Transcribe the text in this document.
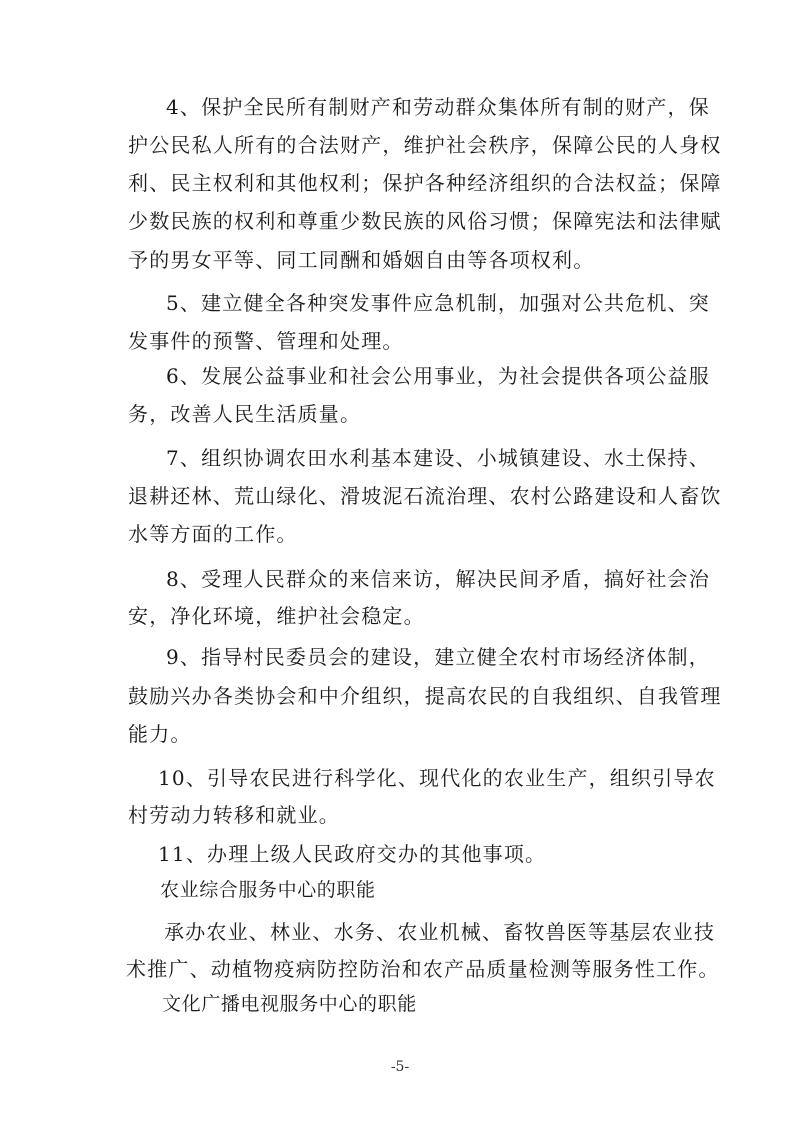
4、保护全民所有制财产和劳动群众集体所有制的财产，保
护公民私人所有的合法财产，维护社会秩序，保障公民的人身权
利、民主权利和其他权利；保护各种经济组织的合法权益；保障
少数民族的权利和尊重少数民族的风俗习惯；保障宪法和法律赋
予的男女平等、同工同酬和婚姻自由等各项权利。
5、建立健全各种突发事件应急机制，加强对公共危机、突
发事件的预警、管理和处理。
6、发展公益事业和社会公用事业，为社会提供各项公益服
务，改善人民生活质量。
7、组织协调农田水利基本建设、小城镇建设、水土保持、
退耕还林、荒山绿化、滑坡泥石流治理、农村公路建设和人畜饮
水等方面的工作。
8、受理人民群众的来信来访，解决民间矛盾，搞好社会治
安，净化环境，维护社会稳定。
9、指导村民委员会的建设，建立健全农村市场经济体制，
鼓励兴办各类协会和中介组织，提高农民的自我组织、自我管理
能力。
10、引导农民进行科学化、现代化的农业生产，组织引导农
村劳动力转移和就业。
11、办理上级人民政府交办的其他事项。
农业综合服务中心的职能
承办农业、林业、水务、农业机械、畜牧兽医等基层农业技
术推广、动植物疫病防控防治和农产品质量检测等服务性工作。
文化广播电视服务中心的职能
-5-
